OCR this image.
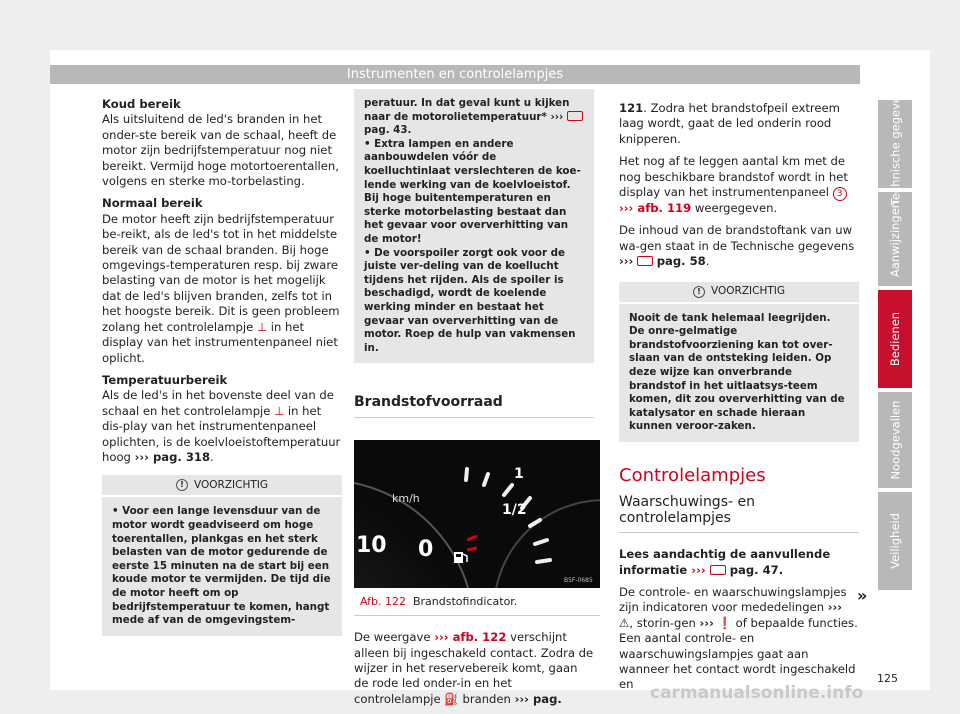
Instrumenten en controlelampjes
Koud bereik

Als uitsluitend de led's branden in het onder-ste bereik van de schaal, heeft de motor zijn bedrijfstemperatuur nog niet bereikt. Vermijd hoge motortoerentallen, volgens en sterke mo-torbelasting.

Normaal bereik

De motor heeft zijn bedrijfstemperatuur be-reikt, als de led's tot in het middelste bereik van de schaal branden. Bij hoge omgevings-temperaturen resp. bij zware belasting van de motor is het mogelijk dat de led's blijven branden, zelfs tot in het hoogste bereik. Dit is geen probleem zolang het controlelampje ⊥ in het display van het instrumentenpaneel niet oplicht.

Temperatuurbereik

Als de led's in het bovenste deel van de schaal en het controlelampje ⊥ in het dis-play van het instrumentenpaneel oplichten, is de koelvloeistoftemperatuur hoog ››› pag. 318.

! VOORZICHTIG

• Voor een lange levensduur van de motor wordt geadviseerd om hoge toerentallen, plankgas en het sterk belasten van de motor gedurende de eerste 15 minuten na de start bij een koude motor te vermijden. De tijd die de motor heeft om op bedrijfstemperatuur te komen, hangt mede af van de omgevingstem-

peratuur. In dat geval kunt u kijken naar de motorolietemperatuur* ›››  pag. 43.

• Extra lampen en andere aanbouwdelen vóór de koelluchtinlaat verslechteren de koe-lende werking van de koelvloeistof. Bij hoge buitentemperaturen en sterke motorbelasting bestaat dan het gevaar voor oververhitting van de motor!

• De voorspoiler zorgt ook voor de juiste ver-deling van de koellucht tijdens het rijden. Als de spoiler is beschadigd, wordt de koelende werking minder en bestaat het gevaar van oververhitting van de motor. Roep de hulp van vakmensen in.

Brandstofvoorraad
km/h
1
1/2
10 0
B5F-0685
Afb. 122 Brandstofindicator.

De weergave ››› afb. 122 verschijnt alleen bij ingeschakeld contact. Zodra de wijzer in het reservebereik komt, gaan de rode led onder-in en het controlelampje ⛽ branden ››› pag.

121. Zodra het brandstofpeil extreem laag wordt, gaat de led onderin rood knipperen.

Het nog af te leggen aantal km met de nog beschikbare brandstof wordt in het display van het instrumentenpaneel 3 ››› afb. 119 weergegeven.

De inhoud van de brandstoftank van uw wa-gen staat in de Technische gegevens ››› pag. 58.

! VOORZICHTIG

Nooit de tank helemaal leegrijden. De onre-gelmatige brandstofvoorziening kan tot over-slaan van de ontsteking leiden. Op deze wijze kan onverbrande brandstof in het uitlaatsys-teem komen, dit zou oververhitting van de katalysator en schade hieraan kunnen veroor-zaken.

Controlelampjes
Waarschuwings- en controlelampjes

Lees aandachtig de aanvullende informatie ››› pag. 47.

De controle- en waarschuwingslampjes zijn indicatoren voor mededelingen ››› ⚠, storin-gen ››› ❗ of bepaalde functies. Een aantal controle- en waarschuwingslampjes gaat aan wanneer het contact wordt ingeschakeld en

»
Technische gegevens
Aanwijzingen
Bedienen
Noodgevallen
Veiligheid
125
carmanualsonline.info
